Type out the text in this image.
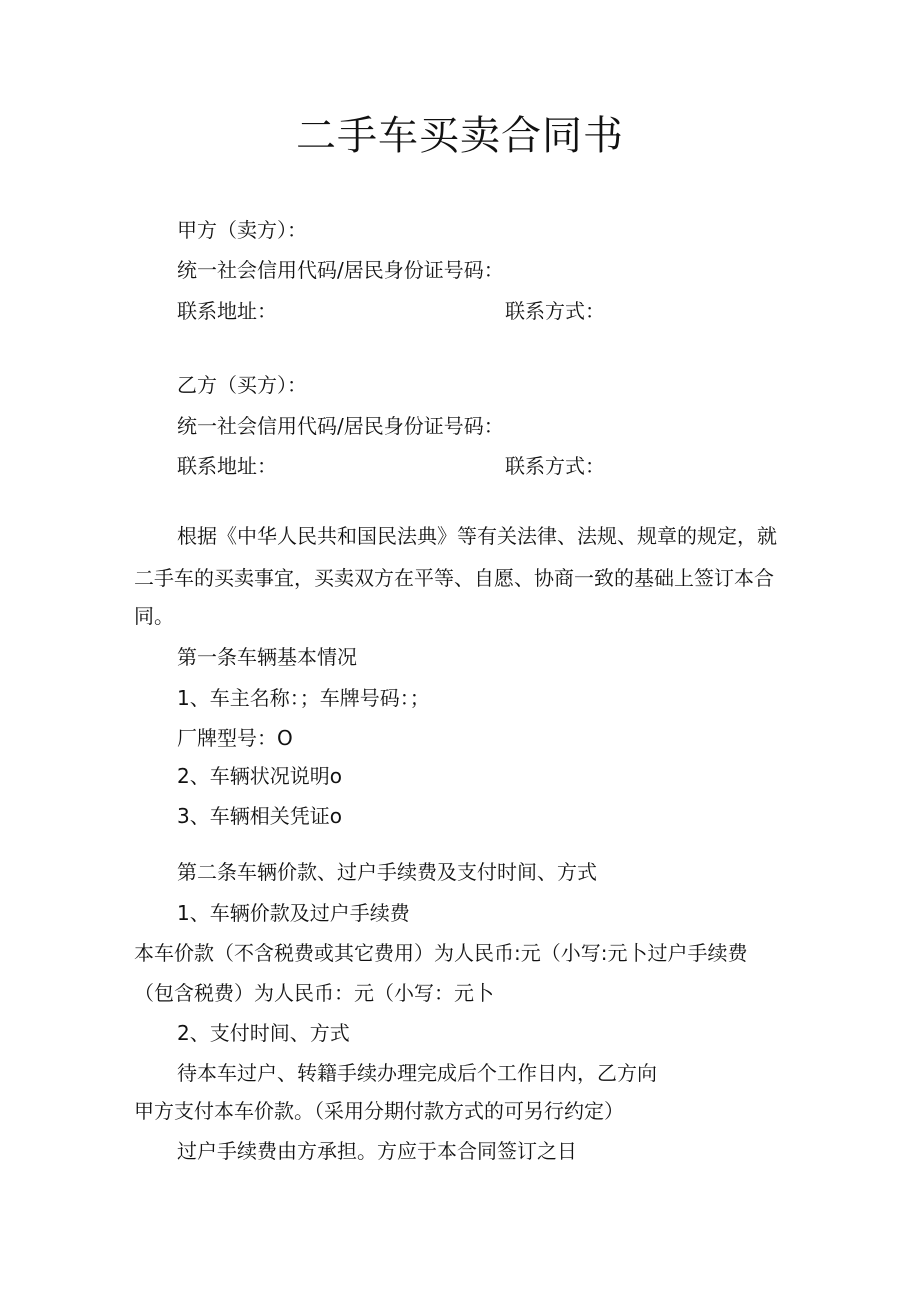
二手车买卖合同书

甲方（卖方）：

统一社会信用代码/居民身份证号码：

联系地址：	联系方式：

乙方（买方）：

统一社会信用代码/居民身份证号码：

联系地址：	联系方式：

根据《中华人民共和国民法典》等有关法律、法规、规章的规定，就

二手车的买卖事宜，买卖双方在平等、自愿、协商一致的基础上签订本合

同。

第一条车辆基本情况

1、车主名称：；车牌号码：；

厂牌型号：O

2、车辆状况说明o

3、车辆相关凭证o

第二条车辆价款、过户手续费及支付时间、方式

1、车辆价款及过户手续费

本车价款（不含税费或其它费用）为人民币:元（小写:元卜过户手续费

（包含税费）为人民币：元（小写：元卜

2、支付时间、方式

待本车过户、转籍手续办理完成后个工作日内，乙方向

甲方支付本车价款。（采用分期付款方式的可另行约定）

过户手续费由方承担。方应于本合同签订之日
